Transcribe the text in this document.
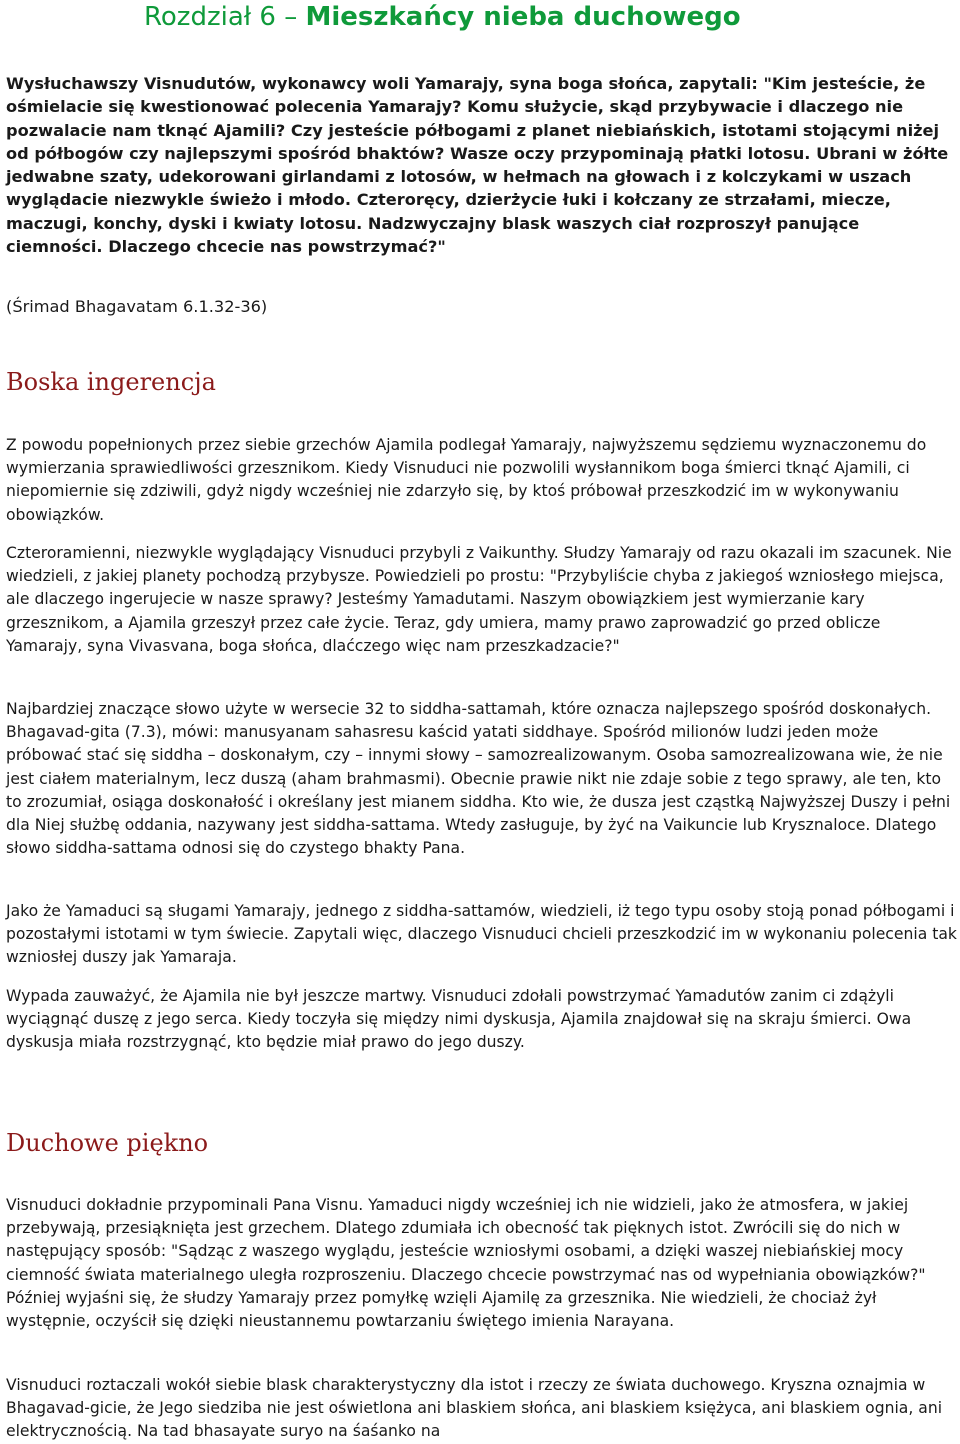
Rozdział 6 – Mieszkańcy nieba duchowego

Wysłuchawszy Visnudutów, wykonawcy woli Yamarajy, syna boga słońca, zapytali: "Kim jesteście, że ośmielacie się kwestionować polecenia Yamarajy? Komu służycie, skąd przybywacie i dlaczego nie pozwalacie nam tknąć Ajamili? Czy jesteście półbogami z planet niebiańskich, istotami stojącymi niżej od półbogów czy najlepszymi spośród bhaktów? Wasze oczy przypominają płatki lotosu. Ubrani w żółte jedwabne szaty, udekorowani girlandami z lotosów, w hełmach na głowach i z kolczykami w uszach wyglądacie niezwykle świeżo i młodo. Czteroręcy, dzierżycie łuki i kołczany ze strzałami, miecze, maczugi, konchy, dyski i kwiaty lotosu. Nadzwyczajny blask waszych ciał rozproszył panujące ciemności. Dlaczego chcecie nas powstrzymać?"

(Śrimad Bhagavatam 6.1.32-36)

Boska ingerencja

Z powodu popełnionych przez siebie grzechów Ajamila podlegał Yamarajy, najwyższemu sędziemu wyznaczonemu do wymierzania sprawiedliwości grzesznikom. Kiedy Visnuduci nie pozwolili wysłannikom boga śmierci tknąć Ajamili, ci niepomiernie się zdziwili, gdyż nigdy wcześniej nie zdarzyło się, by ktoś próbował przeszkodzić im w wykonywaniu obowiązków.

Czteroramienni, niezwykle wyglądający Visnuduci przybyli z Vaikunthy. Słudzy Yamarajy od razu okazali im szacunek. Nie wiedzieli, z jakiej planety pochodzą przybysze. Powiedzieli po prostu: "Przybyliście chyba z jakiegoś wzniosłego miejsca, ale dlaczego ingerujecie w nasze sprawy? Jesteśmy Yamadutami. Naszym obowiązkiem jest wymierzanie kary grzesznikom, a Ajamila grzeszył przez całe życie. Teraz, gdy umiera, mamy prawo zaprowadzić go przed oblicze Yamarajy, syna Vivasvana, boga słońca, dlaćczego więc nam przeszkadzacie?"

Najbardziej znaczące słowo użyte w wersecie 32 to siddha-sattamah, które oznacza najlepszego spośród doskonałych. Bhagavad-gita (7.3), mówi: manusyanam sahasresu kaścid yatati siddhaye. Spośród milionów ludzi jeden może próbować stać się siddha – doskonałym, czy – innymi słowy – samozrealizowanym. Osoba samozrealizowana wie, że nie jest ciałem materialnym, lecz duszą (aham brahmasmi). Obecnie prawie nikt nie zdaje sobie z tego sprawy, ale ten, kto to zrozumiał, osiąga doskonałość i określany jest mianem siddha. Kto wie, że dusza jest cząstką Najwyższej Duszy i pełni dla Niej służbę oddania, nazywany jest siddha-sattama. Wtedy zasługuje, by żyć na Vaikuncie lub Krysznaloce. Dlatego słowo siddha-sattama odnosi się do czystego bhakty Pana.

Jako że Yamaduci są sługami Yamarajy, jednego z siddha-sattamów, wiedzieli, iż tego typu osoby stoją ponad półbogami i pozostałymi istotami w tym świecie. Zapytali więc, dlaczego Visnuduci chcieli przeszkodzić im w wykonaniu polecenia tak wzniosłej duszy jak Yamaraja.

Wypada zauważyć, że Ajamila nie był jeszcze martwy. Visnuduci zdołali powstrzymać Yamadutów zanim ci zdążyli wyciągnąć duszę z jego serca. Kiedy toczyła się między nimi dyskusja, Ajamila znajdował się na skraju śmierci. Owa dyskusja miała rozstrzygnąć, kto będzie miał prawo do jego duszy.

Duchowe piękno

Visnuduci dokładnie przypominali Pana Visnu. Yamaduci nigdy wcześniej ich nie widzieli, jako że atmosfera, w jakiej przebywają, przesiąknięta jest grzechem. Dlatego zdumiała ich obecność tak pięknych istot. Zwrócili się do nich w następujący sposób: "Sądząc z waszego wyglądu, jesteście wzniosłymi osobami, a dzięki waszej niebiańskiej mocy ciemność świata materialnego uległa rozproszeniu. Dlaczego chcecie powstrzymać nas od wypełniania obowiązków?" Później wyjaśni się, że słudzy Yamarajy przez pomyłkę wzięli Ajamilę za grzesznika. Nie wiedzieli, że chociaż żył występnie, oczyścił się dzięki nieustannemu powtarzaniu świętego imienia Narayana.

Visnuduci roztaczali wokół siebie blask charakterystyczny dla istot i rzeczy ze świata duchowego. Kryszna oznajmia w Bhagavad-gicie, że Jego siedziba nie jest oświetlona ani blaskiem słońca, ani blaskiem księżyca, ani blaskiem ognia, ani elektrycznością. Na tad bhasayate suryo na śaśanko na
